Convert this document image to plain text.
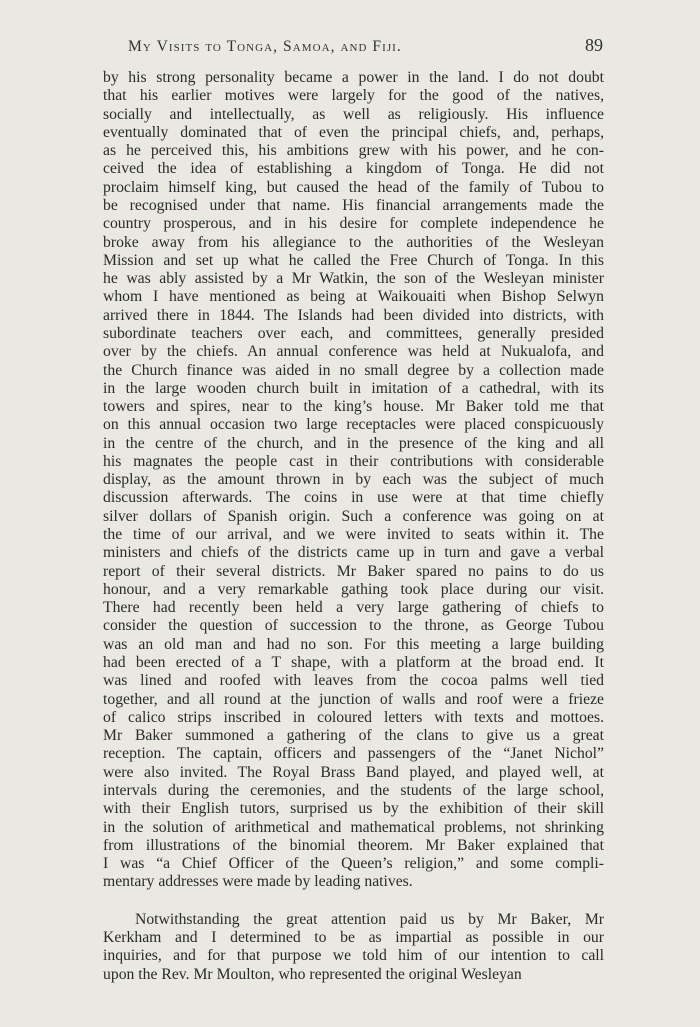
My Visits to Tonga, Samoa, and Fiji.	89
by his strong personality became a power in the land. I do not doubt
that his earlier motives were largely for the good of the natives,
socially and intellectually, as well as religiously. His influence
eventually dominated that of even the principal chiefs, and, perhaps,
as he perceived this, his ambitions grew with his power, and he con-
ceived the idea of establishing a kingdom of Tonga. He did not
proclaim himself king, but caused the head of the family of Tubou to
be recognised under that name. His financial arrangements made the
country prosperous, and in his desire for complete independence he
broke away from his allegiance to the authorities of the Wesleyan
Mission and set up what he called the Free Church of Tonga. In this
he was ably assisted by a Mr Watkin, the son of the Wesleyan minister
whom I have mentioned as being at Waikouaiti when Bishop Selwyn
arrived there in 1844. The Islands had been divided into districts, with
subordinate teachers over each, and committees, generally presided
over by the chiefs. An annual conference was held at Nukualofa, and
the Church finance was aided in no small degree by a collection made
in the large wooden church built in imitation of a cathedral, with its
towers and spires, near to the king’s house. Mr Baker told me that
on this annual occasion two large receptacles were placed conspicuously
in the centre of the church, and in the presence of the king and all
his magnates the people cast in their contributions with considerable
display, as the amount thrown in by each was the subject of much
discussion afterwards. The coins in use were at that time chiefly
silver dollars of Spanish origin. Such a conference was going on at
the time of our arrival, and we were invited to seats within it. The
ministers and chiefs of the districts came up in turn and gave a verbal
report of their several districts. Mr Baker spared no pains to do us
honour, and a very remarkable gathing took place during our visit.
There had recently been held a very large gathering of chiefs to
consider the question of succession to the throne, as George Tubou
was an old man and had no son. For this meeting a large building
had been erected of a T shape, with a platform at the broad end. It
was lined and roofed with leaves from the cocoa palms well tied
together, and all round at the junction of walls and roof were a frieze
of calico strips inscribed in coloured letters with texts and mottoes.
Mr Baker summoned a gathering of the clans to give us a great
reception. The captain, officers and passengers of the “Janet Nichol”
were also invited. The Royal Brass Band played, and played well, at
intervals during the ceremonies, and the students of the large school,
with their English tutors, surprised us by the exhibition of their skill
in the solution of arithmetical and mathematical problems, not shrinking
from illustrations of the binomial theorem. Mr Baker explained that
I was “a Chief Officer of the Queen’s religion,” and some compli-
mentary addresses were made by leading natives.
Notwithstanding the great attention paid us by Mr Baker, Mr
Kerkham and I determined to be as impartial as possible in our
inquiries, and for that purpose we told him of our intention to call
upon the Rev. Mr Moulton, who represented the original Wesleyan
